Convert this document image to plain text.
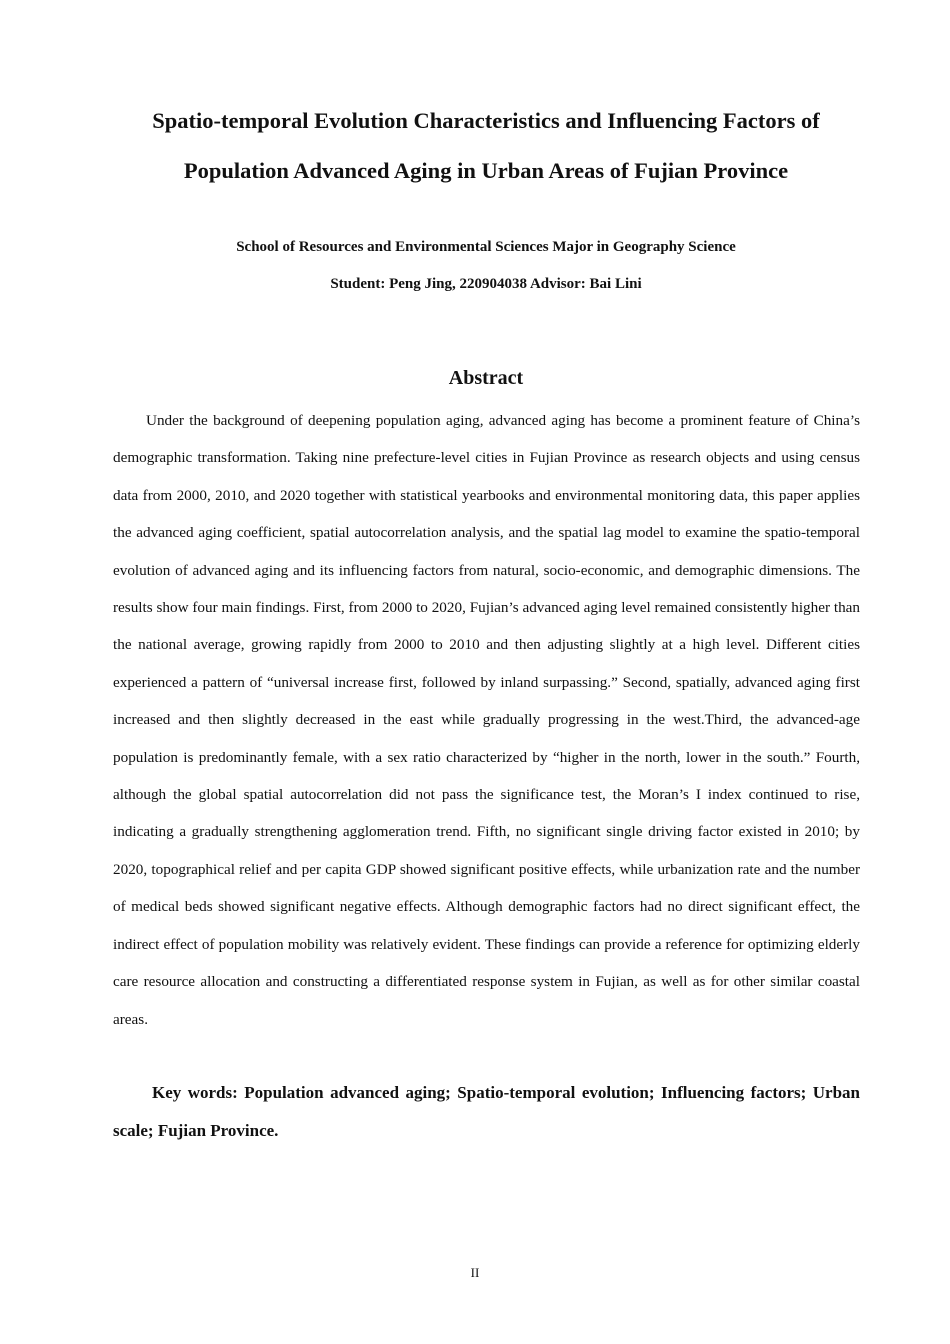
Spatio-temporal Evolution Characteristics and Influencing Factors of Population Advanced Aging in Urban Areas of Fujian Province

School of Resources and Environmental Sciences Major in Geography Science

Student: Peng Jing, 220904038 Advisor: Bai Lini

Abstract

Under the background of deepening population aging, advanced aging has become a prominent feature of China’s demographic transformation. Taking nine prefecture-level cities in Fujian Province as research objects and using census data from 2000, 2010, and 2020 together with statistical yearbooks and environmental monitoring data, this paper applies the advanced aging coefficient, spatial autocorrelation analysis, and the spatial lag model to examine the spatio-temporal evolution of advanced aging and its influencing factors from natural, socio-economic, and demographic dimensions. The results show four main findings. First, from 2000 to 2020, Fujian’s advanced aging level remained consistently higher than the national average, growing rapidly from 2000 to 2010 and then adjusting slightly at a high level. Different cities experienced a pattern of “universal increase first, followed by inland surpassing.” Second, spatially, advanced aging first increased and then slightly decreased in the east while gradually progressing in the west.Third, the advanced-age population is predominantly female, with a sex ratio characterized by “higher in the north, lower in the south.” Fourth, although the global spatial autocorrelation did not pass the significance test, the Moran’s I index continued to rise, indicating a gradually strengthening agglomeration trend. Fifth, no significant single driving factor existed in 2010; by 2020, topographical relief and per capita GDP showed significant positive effects, while urbanization rate and the number of medical beds showed significant negative effects. Although demographic factors had no direct significant effect, the indirect effect of population mobility was relatively evident. These findings can provide a reference for optimizing elderly care resource allocation and constructing a differentiated response system in Fujian, as well as for other similar coastal areas.

Key words: Population advanced aging; Spatio-temporal evolution; Influencing factors; Urban scale; Fujian Province.

II
